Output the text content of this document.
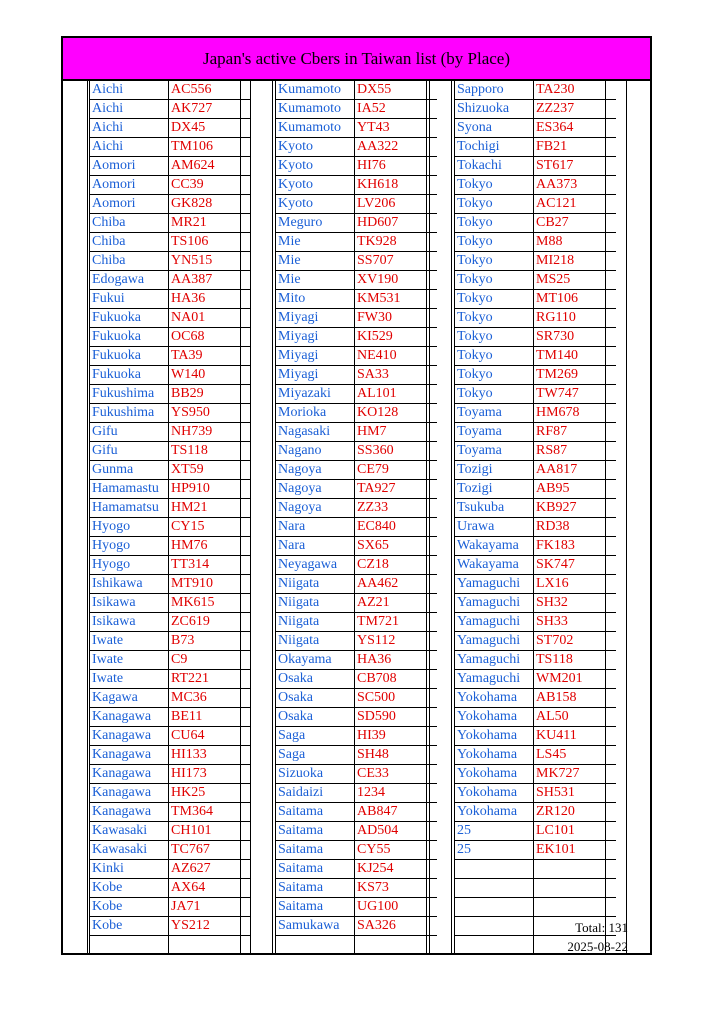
Japan's active Cbers in Taiwan list (by Place)
Aichi	AC556
Aichi	AK727
Aichi	DX45
Aichi	TM106
Aomori	AM624
Aomori	CC39
Aomori	GK828
Chiba	MR21
Chiba	TS106
Chiba	YN515
Edogawa	AA387
Fukui	HA36
Fukuoka	NA01
Fukuoka	OC68
Fukuoka	TA39
Fukuoka	W140
Fukushima	BB29
Fukushima	YS950
Gifu	NH739
Gifu	TS118
Gunma	XT59
Hamamastu HP910
Hamamatsu HM21
Hyogo	CY15
Hyogo	HM76
Hyogo	TT314
Ishikawa	MT910
Isikawa	MK615
Isikawa	ZC619
Iwate	B73
Iwate	C9
Iwate	RT221
Kagawa	MC36
Kanagawa	BE11
Kanagawa	CU64
Kanagawa	HI133
Kanagawa	HI173
Kanagawa	HK25
Kanagawa	TM364
Kawasaki	CH101
Kawasaki	TC767
Kinki	AZ627
Kobe	AX64
Kobe	JA71
Kobe	YS212
Kumamoto	DX55
Kumamoto	IA52
Kumamoto	YT43
Kyoto	AA322
Kyoto	HI76
Kyoto	KH618
Kyoto	LV206
Meguro	HD607
Mie	TK928
Mie	SS707
Mie	XV190
Mito	KM531
Miyagi	FW30
Miyagi	KI529
Miyagi	NE410
Miyagi	SA33
Miyazaki	AL101
Morioka	KO128
Nagasaki	HM7
Nagano	SS360
Nagoya	CE79
Nagoya	TA927
Nagoya	ZZ33
Nara	EC840
Nara	SX65
Neyagawa	CZ18
Niigata	AA462
Niigata	AZ21
Niigata	TM721
Niigata	YS112
Okayama	HA36
Osaka	CB708
Osaka	SC500
Osaka	SD590
Saga	HI39
Saga	SH48
Sizuoka	CE33
Saidaizi	1234
Saitama	AB847
Saitama	AD504
Saitama	CY55
Saitama	KJ254
Saitama	KS73
Saitama	UG100
Samukawa	SA326
Sapporo	TA230
Shizuoka	ZZ237
Syona	ES364
Tochigi	FB21
Tokachi	ST617
Tokyo	AA373
Tokyo	AC121
Tokyo	CB27
Tokyo	M88
Tokyo	MI218
Tokyo	MS25
Tokyo	MT106
Tokyo	RG110
Tokyo	SR730
Tokyo	TM140
Tokyo	TM269
Tokyo	TW747
Toyama	HM678
Toyama	RF87
Toyama	RS87
Tozigi	AA817
Tozigi	AB95
Tsukuba	KB927
Urawa	RD38
Wakayama	FK183
Wakayama	SK747
Yamaguchi	LX16
Yamaguchi	SH32
Yamaguchi	SH33
Yamaguchi	ST702
Yamaguchi	TS118
Yamaguchi	WM201
Yokohama	AB158
Yokohama	AL50
Yokohama	KU411
Yokohama	LS45
Yokohama	MK727
Yokohama	SH531
Yokohama	ZR120
25	LC101
25	EK101
Total: 131
2025-08-22
